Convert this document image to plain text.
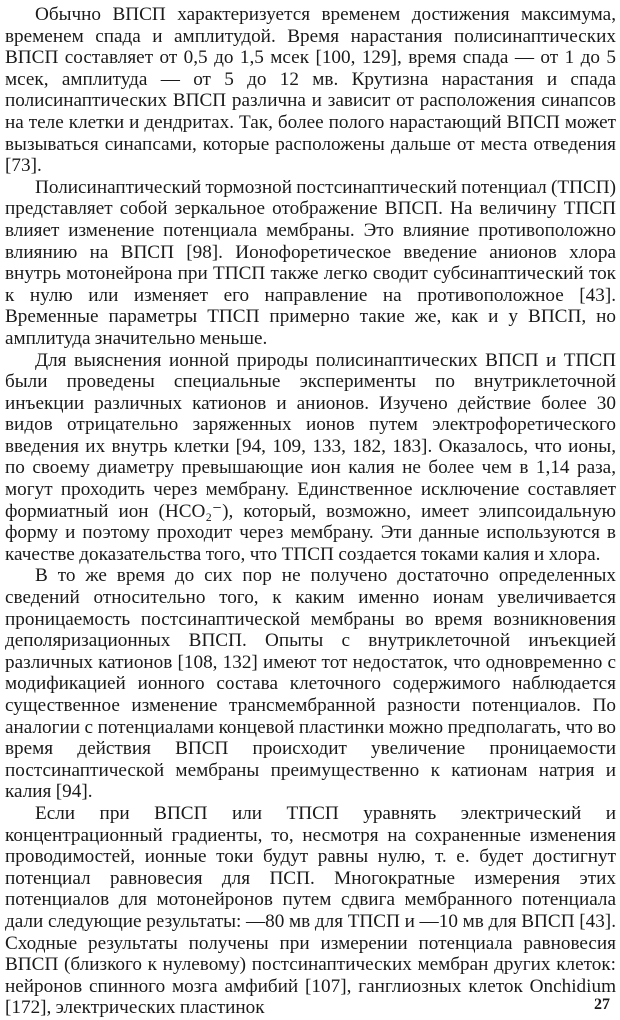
Обычно ВПСП характеризуется временем достижения максимума, временем спада и амплитудой. Время нарастания полисинаптических ВПСП составляет от 0,5 до 1,5 мсек [100, 129], время спада — от 1 до 5 мсек, амплитуда — от 5 до 12 мв. Крутизна нарастания и спада полисинаптических ВПСП различна и зависит от расположения синапсов на теле клетки и дендритах. Так, более полого нарастающий ВПСП может вызываться синапсами, которые расположены дальше от места отведения [73].

Полисинаптический тормозной постсинаптический потенциал (ТПСП) представляет собой зеркальное отображение ВПСП. На величину ТПСП влияет изменение потенциала мембраны. Это влияние противоположно влиянию на ВПСП [98]. Ионофоретическое введение анионов хлора внутрь мотонейрона при ТПСП также легко сводит субсинаптический ток к нулю или изменяет его направление на противоположное [43]. Временные параметры ТПСП примерно такие же, как и у ВПСП, но амплитуда значительно меньше.

Для выяснения ионной природы полисинаптических ВПСП и ТПСП были проведены специальные эксперименты по внутриклеточной инъекции различных катионов и анионов. Изучено действие более 30 видов отрицательно заряженных ионов путем электрофоретического введения их внутрь клетки [94, 109, 133, 182, 183]. Оказалось, что ионы, по своему диаметру превышающие ион калия не более чем в 1,14 раза, могут проходить через мембрану. Единственное исключение составляет формиатный ион (НСО₂⁻), который, возможно, имеет элипсоидальную форму и поэтому проходит через мембрану. Эти данные используются в качестве доказательства того, что ТПСП создается токами калия и хлора.

В то же время до сих пор не получено достаточно определенных сведений относительно того, к каким именно ионам увеличивается проницаемость постсинаптической мембраны во время возникновения деполяризационных ВПСП. Опыты с внутриклеточной инъекцией различных катионов [108, 132] имеют тот недостаток, что одновременно с модификацией ионного состава клеточного содержимого наблюдается существенное изменение трансмембранной разности потенциалов. По аналогии с потенциалами концевой пластинки можно предполагать, что во время действия ВПСП происходит увеличение проницаемости постсинаптической мембраны преимущественно к катионам натрия и калия [94].

Если при ВПСП или ТПСП уравнять электрический и концентрационный градиенты, то, несмотря на сохраненные изменения проводимостей, ионные токи будут равны нулю, т. е. будет достигнут потенциал равновесия для ПСП. Многократные измерения этих потенциалов для мотонейронов путем сдвига мембранного потенциала дали следующие результаты: —80 мв для ТПСП и —10 мв для ВПСП [43]. Сходные результаты получены при измерении потенциала равновесия ВПСП (близкого к нулевому) постсинаптических мембран других клеток: нейронов спинного мозга амфибий [107], ганглиозных клеток Onchidium [172], электрических пластинок	27
